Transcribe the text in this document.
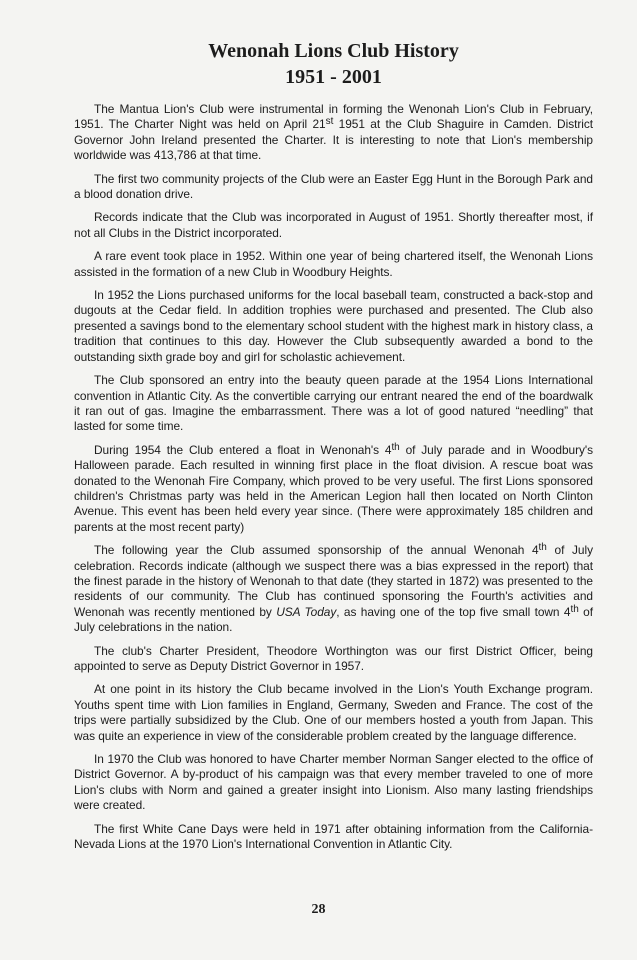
Wenonah Lions Club History
1951 - 2001

The Mantua Lion's Club were instrumental in forming the Wenonah Lion's Club in February, 1951. The Charter Night was held on April 21st 1951 at the Club Shaguire in Camden. District Governor John Ireland presented the Charter. It is interesting to note that Lion's membership worldwide was 413,786 at that time.

The first two community projects of the Club were an Easter Egg Hunt in the Borough Park and a blood donation drive.

Records indicate that the Club was incorporated in August of 1951. Shortly thereafter most, if not all Clubs in the District incorporated.

A rare event took place in 1952. Within one year of being chartered itself, the Wenonah Lions assisted in the formation of a new Club in Woodbury Heights.

In 1952 the Lions purchased uniforms for the local baseball team, constructed a back-stop and dugouts at the Cedar field. In addition trophies were purchased and presented. The Club also presented a savings bond to the elementary school student with the highest mark in history class, a tradition that continues to this day. However the Club subsequently awarded a bond to the outstanding sixth grade boy and girl for scholastic achievement.

The Club sponsored an entry into the beauty queen parade at the 1954 Lions International convention in Atlantic City. As the convertible carrying our entrant neared the end of the boardwalk it ran out of gas. Imagine the embarrassment. There was a lot of good natured “needling” that lasted for some time.

During 1954 the Club entered a float in Wenonah's 4th of July parade and in Woodbury's Halloween parade. Each resulted in winning first place in the float division. A rescue boat was donated to the Wenonah Fire Company, which proved to be very useful. The first Lions sponsored children's Christmas party was held in the American Legion hall then located on North Clinton Avenue. This event has been held every year since. (There were approximately 185 children and parents at the most recent party)

The following year the Club assumed sponsorship of the annual Wenonah 4th of July celebration. Records indicate (although we suspect there was a bias expressed in the report) that the finest parade in the history of Wenonah to that date (they started in 1872) was presented to the residents of our community. The Club has continued sponsoring the Fourth's activities and Wenonah was recently mentioned by USA Today, as having one of the top five small town 4th of July celebrations in the nation.

The club's Charter President, Theodore Worthington was our first District Officer, being appointed to serve as Deputy District Governor in 1957.

At one point in its history the Club became involved in the Lion's Youth Exchange program. Youths spent time with Lion families in England, Germany, Sweden and France. The cost of the trips were partially subsidized by the Club. One of our members hosted a youth from Japan. This was quite an experience in view of the considerable problem created by the language difference.

In 1970 the Club was honored to have Charter member Norman Sanger elected to the office of District Governor. A by-product of his campaign was that every member traveled to one of more Lion's clubs with Norm and gained a greater insight into Lionism. Also many lasting friendships were created.

The first White Cane Days were held in 1971 after obtaining information from the California-Nevada Lions at the 1970 Lion's International Convention in Atlantic City.

28
